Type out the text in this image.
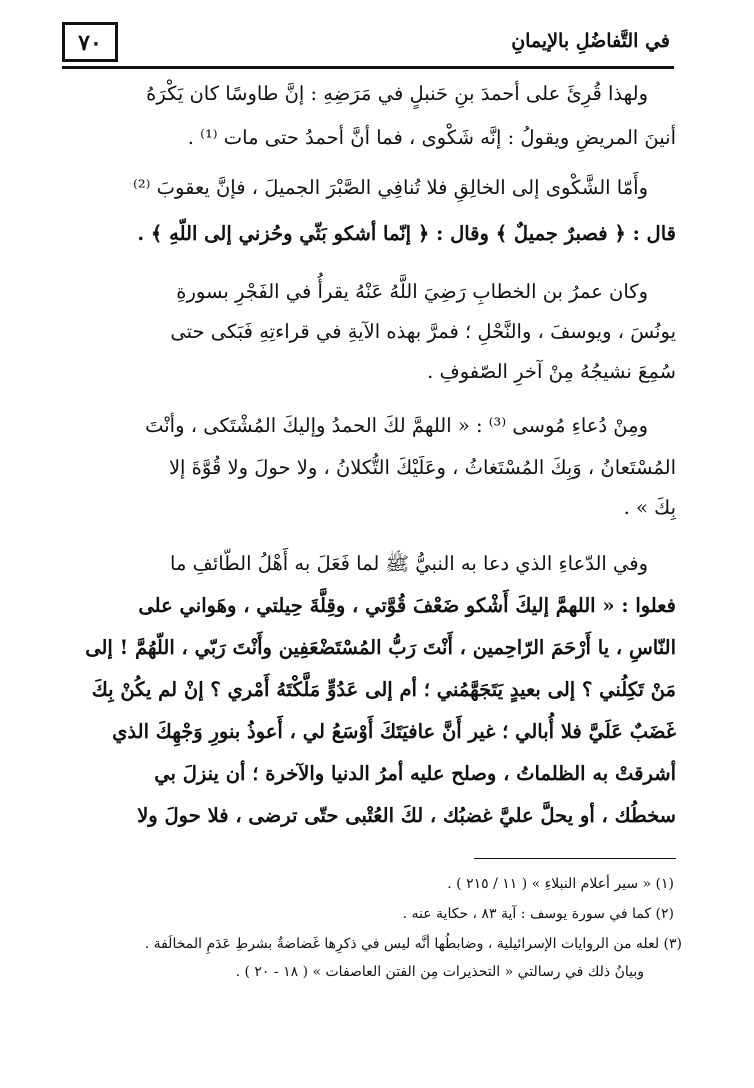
٧٠	في التَّفاضُلِ بالإيمانِ
ولهذا قُرِئَ على أحمدَ بنِ حَنبلٍ في مَرَضِهِ : إنَّ طاوسًا كان يَكْرَهُ
أنينَ المريضِ ويقولُ : إنَّه شَكْوى ، فما أنَّ أحمدُ حتى مات ⁽¹⁾ .
وأَمّا الشَّكْوى إلى الخالِقِ فلا تُنافِي الصَّبْرَ الجميلَ ، فإنَّ يعقوبَ ⁽²⁾
قال : ﴿ فصبرٌ جميلٌ ﴾ وقال : ﴿ إنّما أشكو بَثّي وحُزني إلى اللّهِ ﴾ .
وكان عمرُ بن الخطابِ رَضِيَ اللَّهُ عَنْهُ يقرأُ في الفَجْرِ بسورةِ
يونُسَ ، ويوسفَ ، والنَّحْلِ ؛ فمرَّ بهذه الآيةِ في قراءتِهِ فَبَكى حتى
سُمِعَ نشيجُهُ مِنْ آخرِ الصّفوفِ .
ومِنْ دُعاءِ مُوسى ⁽³⁾ : « اللهمَّ لكَ الحمدُ وإليكَ المُشْتَكى ، وأنْتَ
المُسْتَعانُ ، وَبِكَ المُسْتَغاثُ ، وعَلَيْكَ التُّكلانُ ، ولا حولَ ولا قُوَّةَ إلا
بِكَ » .
وفي الدّعاءِ الذي دعا به النبيُّ ﷺ لما فَعَلَ به أَهْلُ الطّائفِ ما
فعلوا : « اللهمَّ إليكَ أَشْكو ضَعْفَ قُوَّتي ، وقِلَّةَ حِيلتي ، وهَواني على
النّاسِ ، يا أَرْحَمَ الرّاحِمين ، أَنْتَ رَبُّ المُسْتَضْعَفِين وأَنْتَ رَبّي ، اللّهُمَّ ! إلى
مَنْ تَكِلُني ؟ إلى بعيدٍ يَتَجَهَّمُني ؛ أم إلى عَدُوٍّ مَلَّكْتَهُ أَمْري ؟ إنْ لم يكُنْ بِكَ
غَضَبٌ عَلَيَّ فلا أُبالي ؛ غير أَنَّ عافيَتَكَ أَوْسَعُ لي ، أَعوذُ بنورِ وَجْهِكَ الذي
أشرقتْ به الظلماتُ ، وصلح عليه أمرُ الدنيا والآخرة ؛ أن ينزلَ بي
سخطُك ، أو يحلَّ عليَّ غضبُك ، لكَ العُتْبى حتّى ترضى ، فلا حولَ ولا
(١) « سير أعلام النبلاءِ » ( ١١ / ٢١٥ ) .
(٢) كما في سورة يوسف : آية ٨٣ ، حكاية عنه .
(٣) لعله من الروايات الإسرائيلية ، وضابطُها أنَّه ليس في ذكرِها غَضاضةٌ بشرطِ عَدَمِ المخالَفة .
وبيانُ ذلك في رسالتي « التحذيرات مِن الفتن العاصفات » ( ١٨ - ٢٠ ) .
